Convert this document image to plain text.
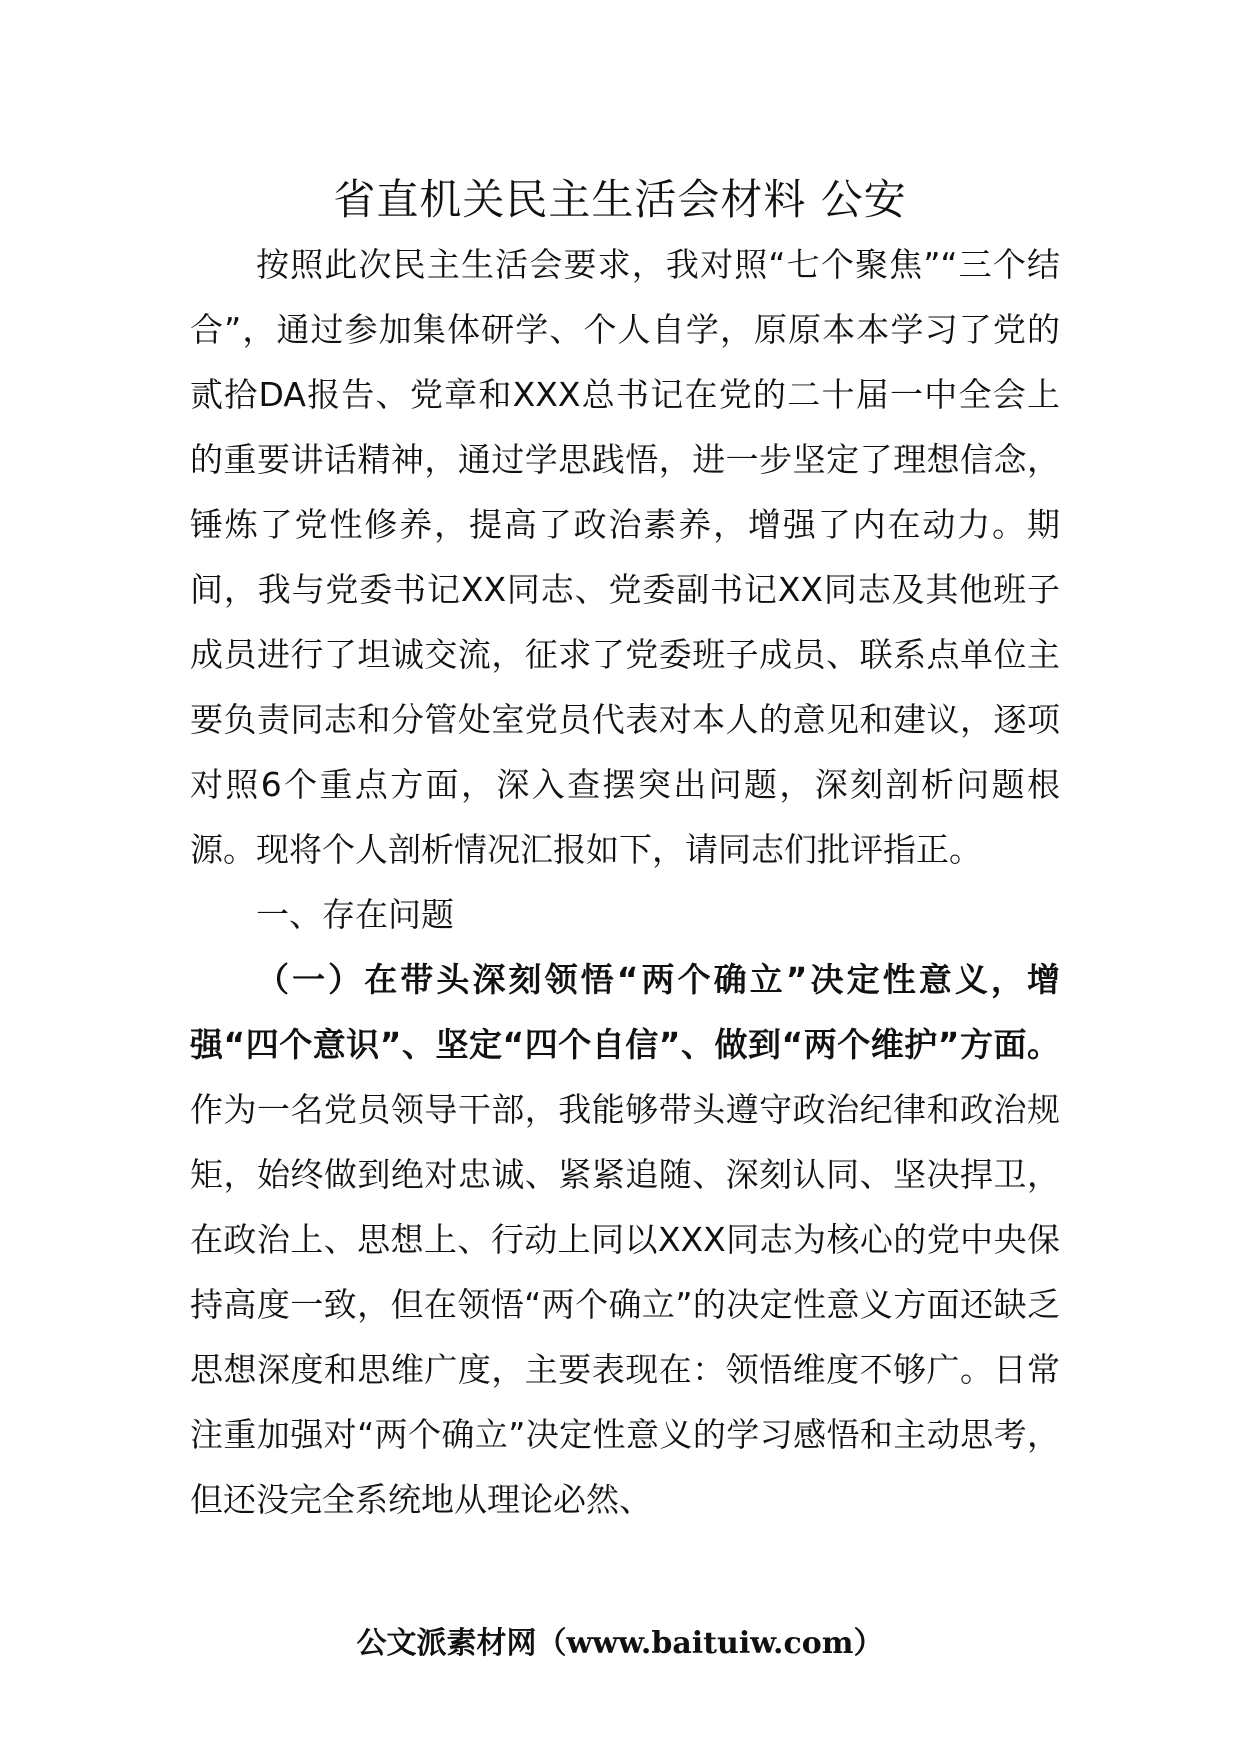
省直机关民主生活会材料 公安

按照此次民主生活会要求，我对照“七个聚焦”“三个结合”，通过参加集体研学、个人自学，原原本本学习了党的贰拾DA报告、党章和XXX总书记在党的二十届一中全会上的重要讲话精神，通过学思践悟，进一步坚定了理想信念，锤炼了党性修养，提高了政治素养，增强了内在动力。期间，我与党委书记XX同志、党委副书记XX同志及其他班子成员进行了坦诚交流，征求了党委班子成员、联系点单位主要负责同志和分管处室党员代表对本人的意见和建议，逐项对照6个重点方面，深入查摆突出问题，深刻剖析问题根源。现将个人剖析情况汇报如下，请同志们批评指正。

一、存在问题

（一）在带头深刻领悟“两个确立”决定性意义，增强“四个意识”、坚定“四个自信”、做到“两个维护”方面。作为一名党员领导干部，我能够带头遵守政治纪律和政治规矩，始终做到绝对忠诚、紧紧追随、深刻认同、坚决捍卫，在政治上、思想上、行动上同以XXX同志为核心的党中央保持高度一致，但在领悟“两个确立”的决定性意义方面还缺乏思想深度和思维广度，主要表现在：领悟维度不够广。日常注重加强对“两个确立”决定性意义的学习感悟和主动思考，但还没完全系统地从理论必然、

公文派素材网（www.baituiw.com）
